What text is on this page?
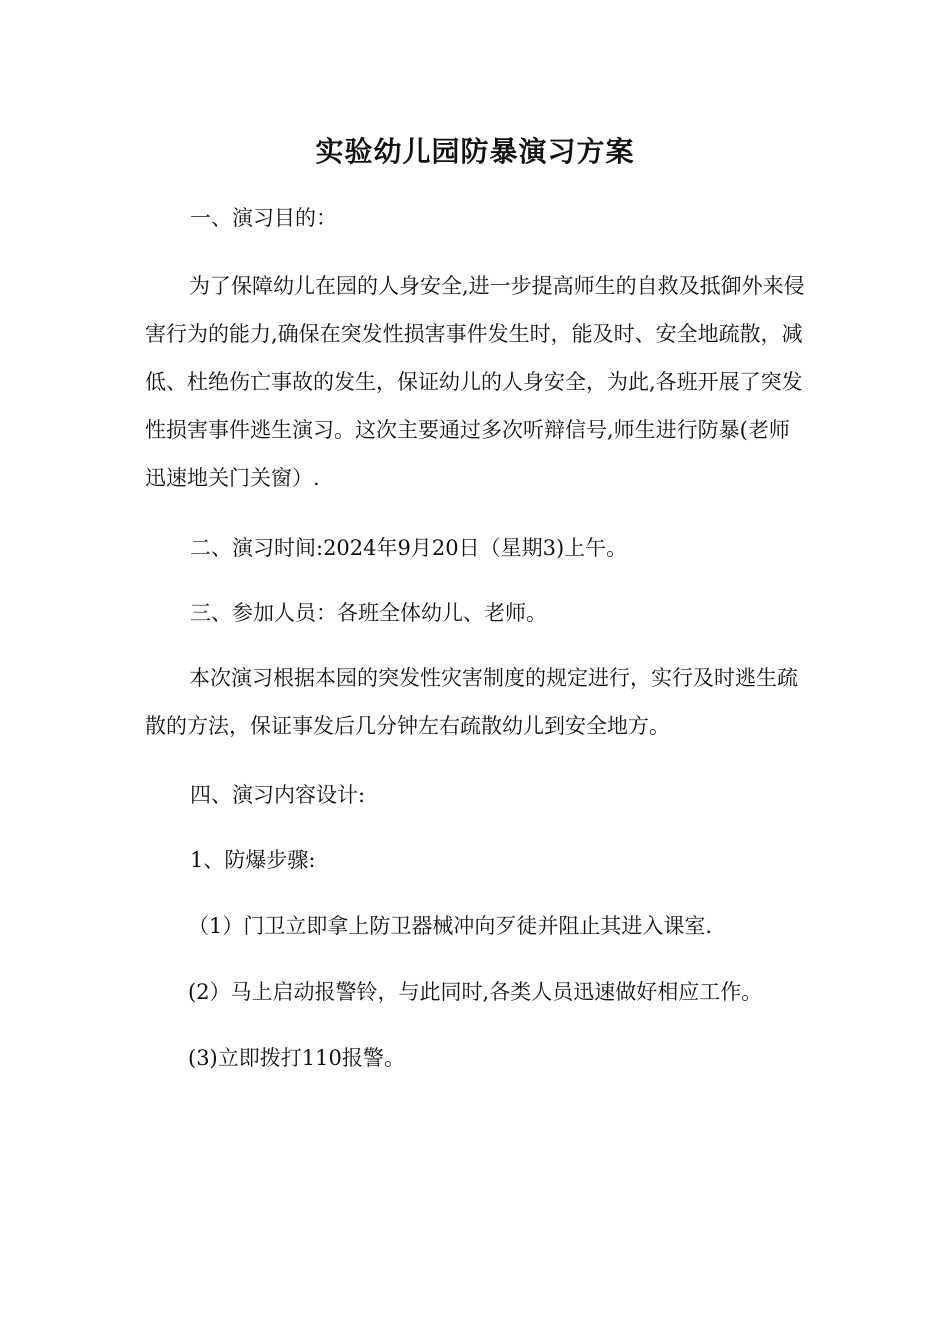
实验幼儿园防暴演习方案

一、演习目的：

为了保障幼儿在园的人身安全,进一步提高师生的自救及抵御外来侵害行为的能力,确保在突发性损害事件发生时，能及时、安全地疏散，减低、杜绝伤亡事故的发生，保证幼儿的人身安全，为此,各班开展了突发性损害事件逃生演习。这次主要通过多次听辩信号,师生进行防暴(老师迅速地关门关窗）.

二、演习时间:2024年9月20日（星期3)上午。

三、参加人员：各班全体幼儿、老师。

本次演习根据本园的突发性灾害制度的规定进行，实行及时逃生疏散的方法，保证事发后几分钟左右疏散幼儿到安全地方。

四、演习内容设计:

1、防爆步骤:

（1）门卫立即拿上防卫器械冲向歹徒并阻止其进入课室.

(2）马上启动报警铃，与此同时,各类人员迅速做好相应工作。

(3)立即拨打110报警。
